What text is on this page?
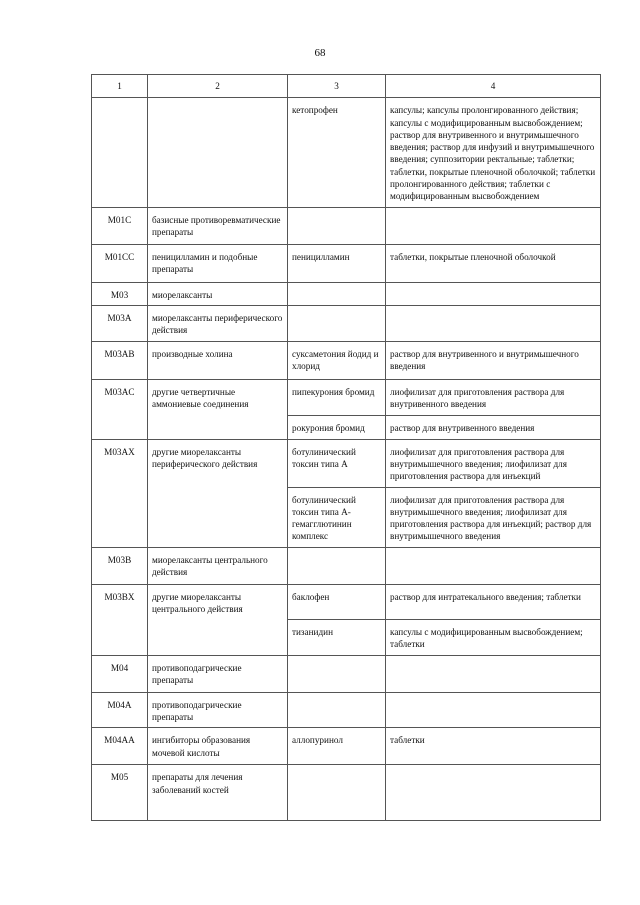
68
1	2	3	4
		кетопрофен	капсулы; капсулы пролонгированного действия; капсулы с модифицированным высвобождением; раствор для внутривенного и внутримышечного введения; раствор для инфузий и внутримышечного введения; суппозитории ректальные; таблетки; таблетки, покрытые пленочной оболочкой; таблетки пролонгированного действия; таблетки с модифицированным высвобождением
M01C	базисные противоревматические препараты		
M01CC	пеницилламин и подобные препараты	пеницилламин	таблетки, покрытые пленочной оболочкой
M03	миорелаксанты		
M03A	миорелаксанты периферического действия		
M03AB	производные холина	суксаметония йодид и хлорид	раствор для внутривенного и внутримышечного введения
M03AC	другие четвертичные аммониевые соединения	пипекурония бромид	лиофилизат для приготовления раствора для внутривенного введения
		рокурония бромид	раствор для внутривенного введения
M03AX	другие миорелаксанты периферического действия	ботулинический токсин типа A	лиофилизат для приготовления раствора для внутримышечного введения; лиофилизат для приготовления раствора для инъекций
		ботулинический токсин типа A-гемагглютинин комплекс	лиофилизат для приготовления раствора для внутримышечного введения; лиофилизат для приготовления раствора для инъекций; раствор для внутримышечного введения
M03B	миорелаксанты центрального действия		
M03BX	другие миорелаксанты центрального действия	баклофен	раствор для интратекального введения; таблетки
		тизанидин	капсулы с модифицированным высвобождением; таблетки
M04	противоподагрические препараты		
M04A	противоподагрические препараты		
M04AA	ингибиторы образования мочевой кислоты	аллопуринол	таблетки
M05	препараты для лечения заболеваний костей		
